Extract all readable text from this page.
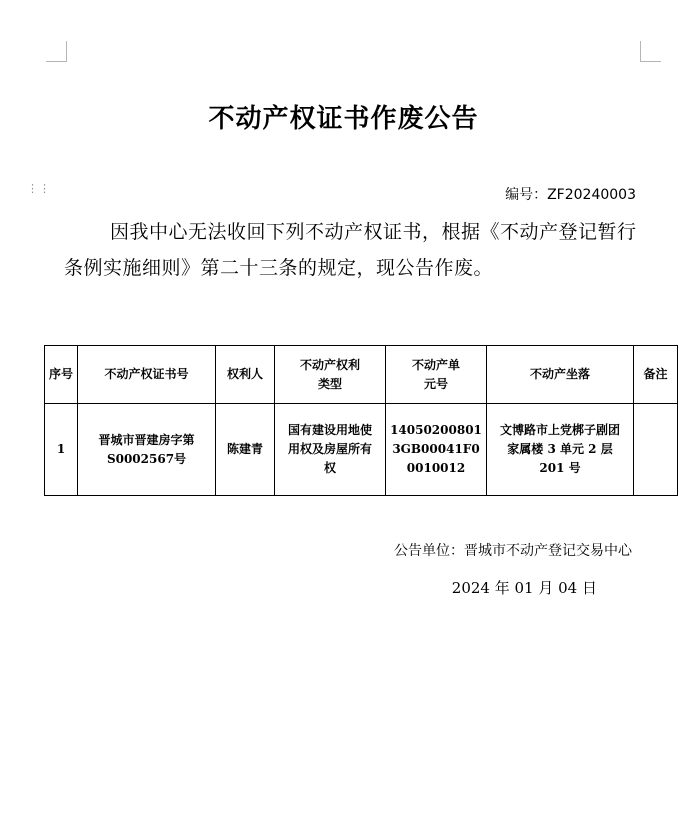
不动产权证书作废公告
⋮⋮	编号：ZF20240003
因我中心无法收回下列不动产权证书，根据《不动产登记暂行条例实施细则》第二十三条的规定，现公告作废。
序号	不动产权证书号	权利人	不动产权利类型	不动产单元号	不动产坐落	备注
1	晋城市晋建房字第S0002567号	陈建青	国有建设用地使用权及房屋所有权	140502008013GB00041F00010012	文博路市上党梆子剧团家属楼 3 单元 2 层 201 号	
公告单位：晋城市不动产登记交易中心
2024 年 01 月 04 日
